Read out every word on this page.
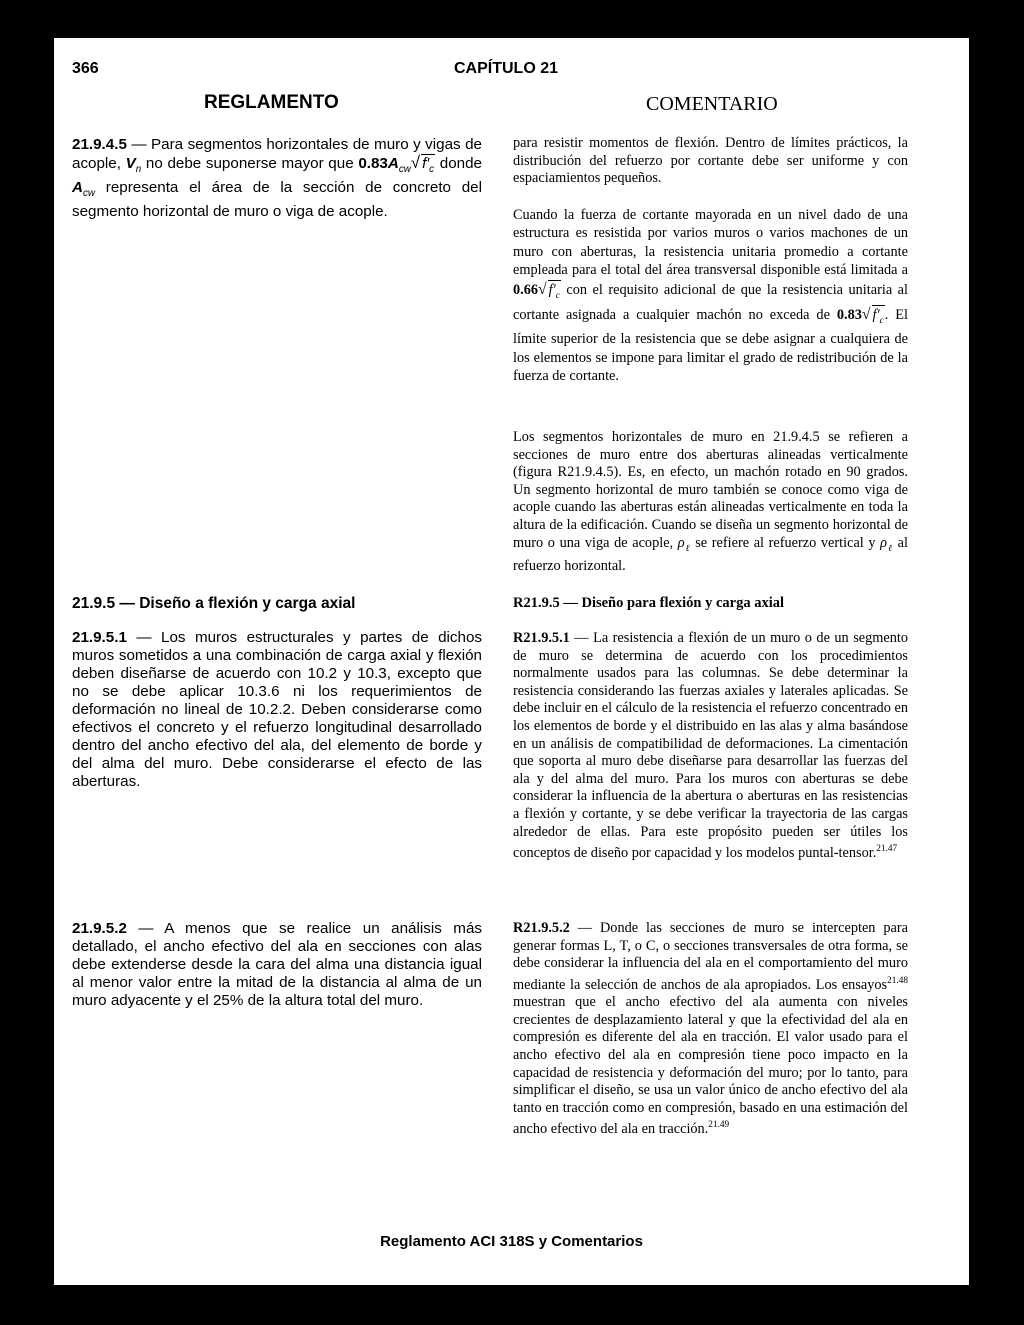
366	CAPÍTULO 21
REGLAMENTO	COMENTARIO

21.9.4.5 — Para segmentos horizontales de muro y vigas de acople, $V_n$ no debe suponerse mayor que $0.83A_{cw}√$ $f'_c$ donde $A_{cw}$ representa el área de la sección de concreto del segmento horizontal de muro o viga de acople.

21.9.5 — Diseño a flexión y carga axial

21.9.5.1 — Los muros estructurales y partes de dichos muros sometidos a una combinación de carga axial y flexión deben diseñarse de acuerdo con 10.2 y 10.3, excepto que no se debe aplicar 10.3.6 ni los requerimientos de deformación no lineal de 10.2.2. Deben considerarse como efectivos el concreto y el refuerzo longitudinal desarrollado dentro del ancho efectivo del ala, del elemento de borde y del alma del muro. Debe considerarse el efecto de las aberturas.

21.9.5.2 — A menos que se realice un análisis más detallado, el ancho efectivo del ala en secciones con alas debe extenderse desde la cara del alma una distancia igual al menor valor entre la mitad de la distancia al alma de un muro adyacente y el 25% de la altura total del muro.

para resistir momentos de flexión. Dentro de límites prácticos, la distribución del refuerzo por cortante debe ser uniforme y con espaciamientos pequeños.

Cuando la fuerza de cortante mayorada en un nivel dado de una estructura es resistida por varios muros o varios machones de un muro con aberturas, la resistencia unitaria promedio a cortante empleada para el total del área transversal disponible está limitada a 0.66√ $f'_c$ con el requisito adicional de que la resistencia unitaria al cortante asignada a cualquier machón no exceda de 0.83√ $f'_c$. El límite superior de la resistencia que se debe asignar a cualquiera de los elementos se impone para limitar el grado de redistribución de la fuerza de cortante.

Los segmentos horizontales de muro en 21.9.4.5 se refieren a secciones de muro entre dos aberturas alineadas verticalmente (figura R21.9.4.5). Es, en efecto, un machón rotado en 90 grados. Un segmento horizontal de muro también se conoce como viga de acople cuando las aberturas están alineadas verticalmente en toda la altura de la edificación. Cuando se diseña un segmento horizontal de muro o una viga de acople, $\rho_\ell$ se refiere al refuerzo vertical y $\rho_\ell$ al refuerzo horizontal.

R21.9.5 — Diseño para flexión y carga axial

R21.9.5.1 — La resistencia a flexión de un muro o de un segmento de muro se determina de acuerdo con los procedimientos normalmente usados para las columnas. Se debe determinar la resistencia considerando las fuerzas axiales y laterales aplicadas. Se debe incluir en el cálculo de la resistencia el refuerzo concentrado en los elementos de borde y el distribuido en las alas y alma basándose en un análisis de compatibilidad de deformaciones. La cimentación que soporta al muro debe diseñarse para desarrollar las fuerzas del ala y del alma del muro. Para los muros con aberturas se debe considerar la influencia de la abertura o aberturas en las resistencias a flexión y cortante, y se debe verificar la trayectoria de las cargas alrededor de ellas. Para este propósito pueden ser útiles los conceptos de diseño por capacidad y los modelos puntal-tensor.$^{21.47}$

R21.9.5.2 — Donde las secciones de muro se intercepten para generar formas L, T, o C, o secciones transversales de otra forma, se debe considerar la influencia del ala en el comportamiento del muro mediante la selección de anchos de ala apropiados. Los ensayos$^{21.48}$ muestran que el ancho efectivo del ala aumenta con niveles crecientes de desplazamiento lateral y que la efectividad del ala en compresión es diferente del ala en tracción. El valor usado para el ancho efectivo del ala en compresión tiene poco impacto en la capacidad de resistencia y deformación del muro; por lo tanto, para simplificar el diseño, se usa un valor único de ancho efectivo del ala tanto en tracción como en compresión, basado en una estimación del ancho efectivo del ala en tracción.$^{21.49}$

Reglamento ACI 318S y Comentarios
